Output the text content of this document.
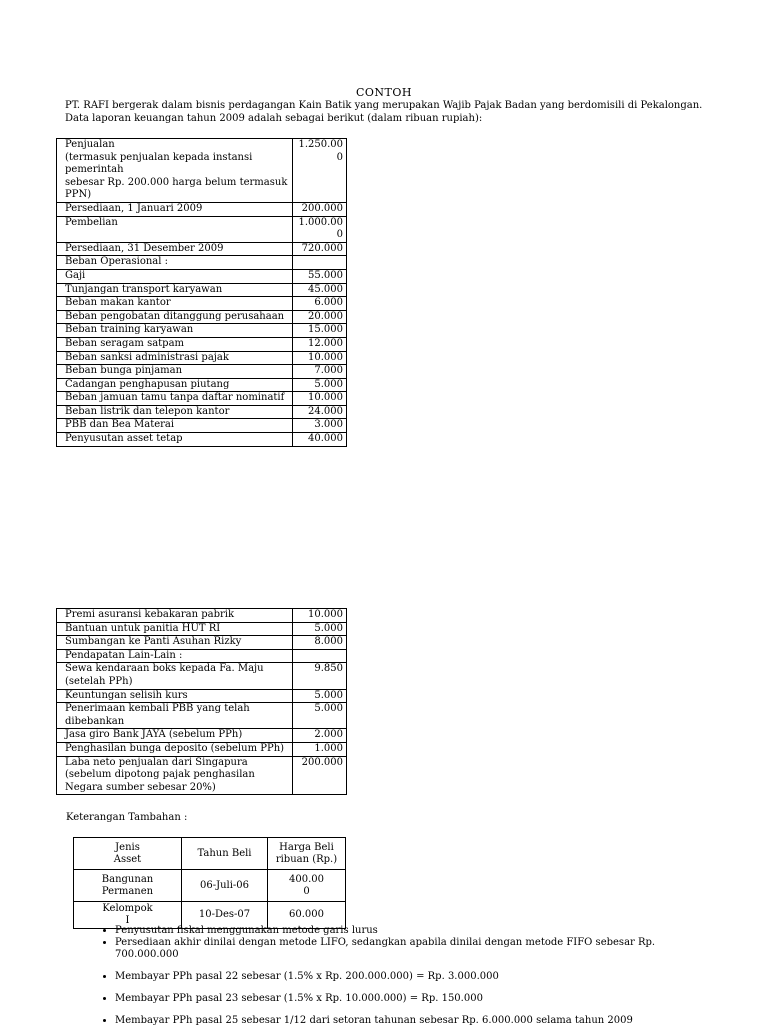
CONTOH
PT. RAFI bergerak dalam bisnis perdagangan Kain Batik yang merupakan Wajib Pajak Badan yang berdomisili di Pekalongan.
Data laporan keuangan tahun 2009 adalah sebagai berikut (dalam ribuan rupiah):
Penjualan
(termasuk penjualan kepada instansi pemerintah
sebesar Rp. 200.000 harga belum termasuk PPN)	1.250.00
0
Persediaan, 1 Januari 2009	200.000
Pembelian	1.000.00
0
Persediaan, 31 Desember 2009	720.000
Beban Operasional :	
Gaji	55.000
Tunjangan transport karyawan	45.000
Beban makan kantor	6.000
Beban pengobatan ditanggung perusahaan	20.000
Beban training karyawan	15.000
Beban seragam satpam	12.000
Beban sanksi administrasi pajak	10.000
Beban bunga pinjaman	7.000
Cadangan penghapusan piutang	5.000
Beban jamuan tamu tanpa daftar nominatif	10.000
Beban listrik dan telepon kantor	24.000
PBB dan Bea Materai	3.000
Penyusutan asset tetap	40.000
Premi asuransi kebakaran pabrik	10.000
Bantuan untuk panitia HUT RI	5.000
Sumbangan ke Panti Asuhan Rizky	8.000
Pendapatan Lain-Lain :	
Sewa kendaraan boks kepada Fa. Maju
(setelah PPh)	9.850
Keuntungan selisih kurs	5.000
Penerimaan kembali PBB yang telah dibebankan	5.000
Jasa giro Bank JAYA (sebelum PPh)	2.000
Penghasilan bunga deposito (sebelum PPh)	1.000
Laba neto penjualan dari Singapura
(sebelum dipotong pajak penghasilan
Negara sumber sebesar 20%)	200.000
Keterangan Tambahan :
Jenis
Asset	Tahun Beli	Harga Beli
ribuan (Rp.)
Bangunan
Permanen	06-Juli-06	400.00
0
Kelompok
I	10-Des-07	60.000
• Penyusutan fiskal menggunakan metode garis lurus
• Persediaan akhir dinilai dengan metode LIFO, sedangkan apabila dinilai dengan metode FIFO sebesar Rp. 700.000.000
• Membayar PPh pasal 22 sebesar (1.5% x Rp. 200.000.000) = Rp. 3.000.000
• Membayar PPh pasal 23 sebesar (1.5% x Rp. 10.000.000) = Rp. 150.000
• Membayar PPh pasal 25 sebesar 1/12 dari setoran tahunan sebesar Rp. 6.000.000 selama tahun 2009
